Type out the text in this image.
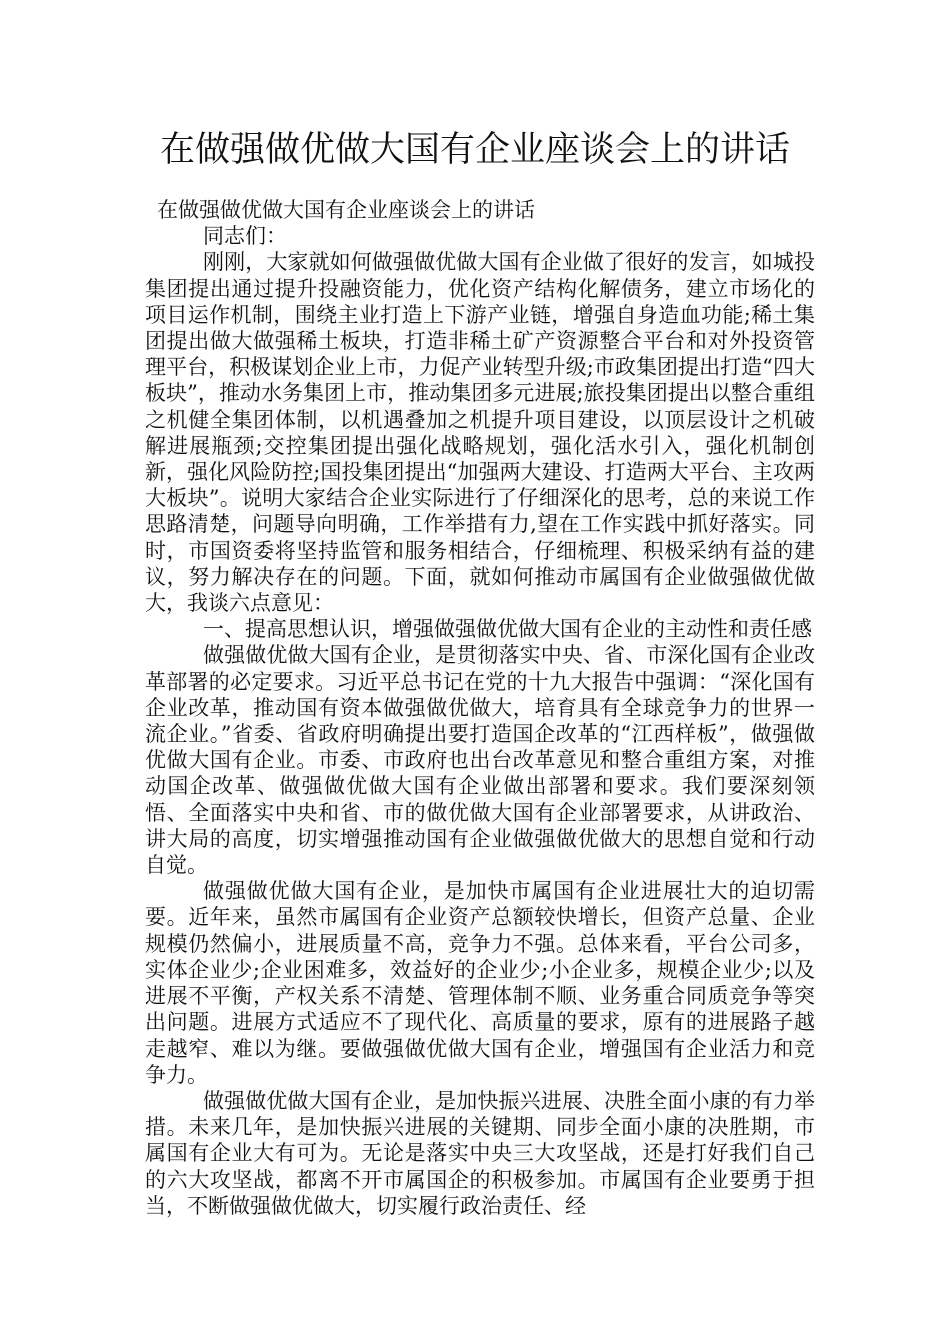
在做强做优做大国有企业座谈会上的讲话

在做强做优做大国有企业座谈会上的讲话

同志们：

刚刚，大家就如何做强做优做大国有企业做了很好的发言，如城投集团提出通过提升投融资能力，优化资产结构化解债务，建立市场化的项目运作机制，围绕主业打造上下游产业链，增强自身造血功能;稀土集团提出做大做强稀土板块，打造非稀土矿产资源整合平台和对外投资管理平台，积极谋划企业上市，力促产业转型升级;市政集团提出打造“四大板块”，推动水务集团上市，推动集团多元进展;旅投集团提出以整合重组之机健全集团体制，以机遇叠加之机提升项目建设，以顶层设计之机破解进展瓶颈;交控集团提出强化战略规划，强化活水引入，强化机制创新，强化风险防控;国投集团提出“加强两大建设、打造两大平台、主攻两大板块”。说明大家结合企业实际进行了仔细深化的思考，总的来说工作思路清楚，问题导向明确，工作举措有力,望在工作实践中抓好落实。同时，市国资委将坚持监管和服务相结合，仔细梳理、积极采纳有益的建议，努力解决存在的问题。下面，就如何推动市属国有企业做强做优做大，我谈六点意见：

一、提高思想认识，增强做强做优做大国有企业的主动性和责任感

做强做优做大国有企业，是贯彻落实中央、省、市深化国有企业改革部署的必定要求。习近平总书记在党的十九大报告中强调：“深化国有企业改革，推动国有资本做强做优做大，培育具有全球竞争力的世界一流企业。”省委、省政府明确提出要打造国企改革的“江西样板”，做强做优做大国有企业。市委、市政府也出台改革意见和整合重组方案，对推动国企改革、做强做优做大国有企业做出部署和要求。我们要深刻领悟、全面落实中央和省、市的做优做大国有企业部署要求，从讲政治、讲大局的高度，切实增强推动国有企业做强做优做大的思想自觉和行动自觉。

做强做优做大国有企业，是加快市属国有企业进展壮大的迫切需要。近年来，虽然市属国有企业资产总额较快增长，但资产总量、企业规模仍然偏小，进展质量不高，竞争力不强。总体来看，平台公司多，实体企业少;企业困难多，效益好的企业少;小企业多，规模企业少;以及进展不平衡，产权关系不清楚、管理体制不顺、业务重合同质竞争等突出问题。进展方式适应不了现代化、高质量的要求，原有的进展路子越走越窄、难以为继。要做强做优做大国有企业，增强国有企业活力和竞争力。

做强做优做大国有企业，是加快振兴进展、决胜全面小康的有力举措。未来几年，是加快振兴进展的关键期、同步全面小康的决胜期，市属国有企业大有可为。无论是落实中央三大攻坚战，还是打好我们自己的六大攻坚战，都离不开市属国企的积极参加。市属国有企业要勇于担当，不断做强做优做大，切实履行政治责任、经
